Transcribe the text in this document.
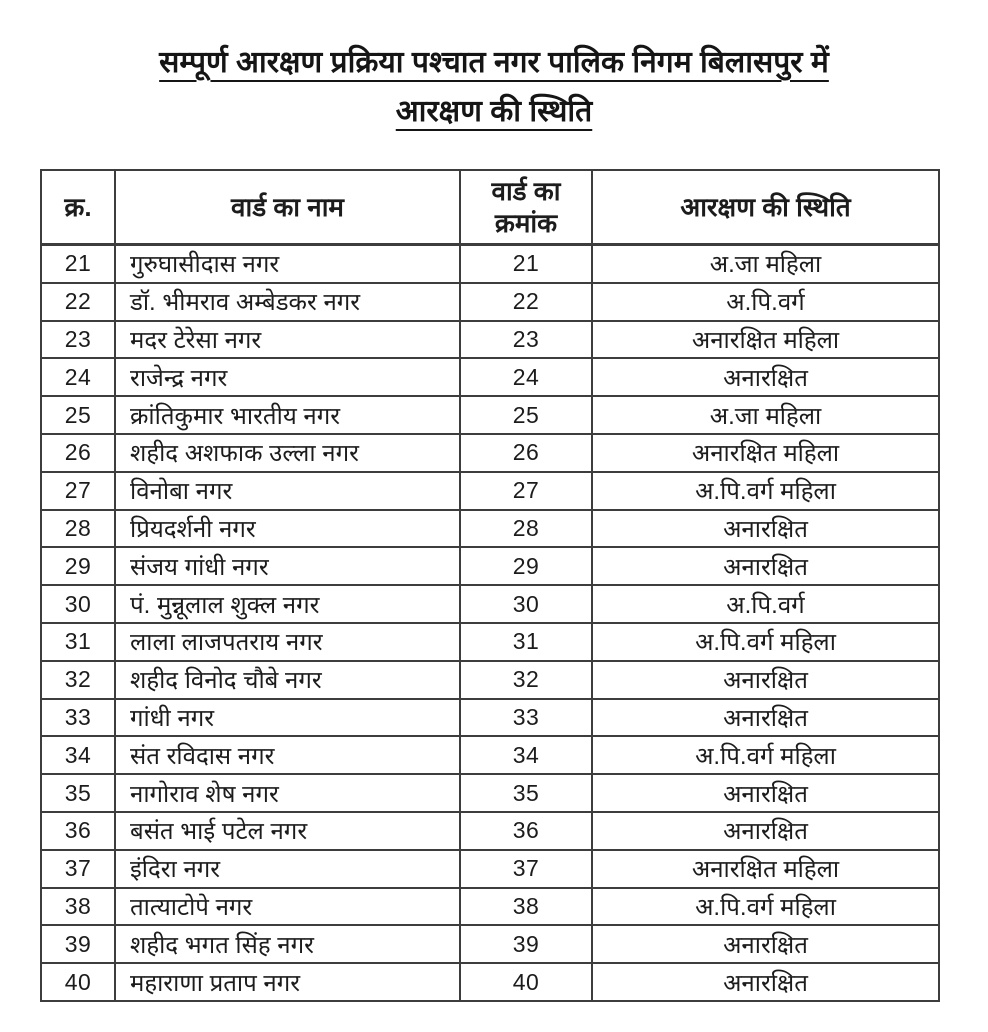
सम्पूर्ण आरक्षण प्रक्रिया पश्चात नगर पालिक निगम बिलासपुर में
आरक्षण की स्थिति
क्र.	वार्ड का नाम	वार्ड का क्रमांक	आरक्षण की स्थिति
21	गुरुघासीदास नगर	21	अ.जा महिला
22	डॉ. भीमराव अम्बेडकर नगर	22	अ.पि.वर्ग
23	मदर टेरेसा नगर	23	अनारक्षित महिला
24	राजेन्द्र नगर	24	अनारक्षित
25	क्रांतिकुमार भारतीय नगर	25	अ.जा महिला
26	शहीद अशफाक उल्ला नगर	26	अनारक्षित महिला
27	विनोबा नगर	27	अ.पि.वर्ग महिला
28	प्रियदर्शनी नगर	28	अनारक्षित
29	संजय गांधी नगर	29	अनारक्षित
30	पं. मुन्नूलाल शुक्ल नगर	30	अ.पि.वर्ग
31	लाला लाजपतराय नगर	31	अ.पि.वर्ग महिला
32	शहीद विनोद चौबे नगर	32	अनारक्षित
33	गांधी नगर	33	अनारक्षित
34	संत रविदास नगर	34	अ.पि.वर्ग महिला
35	नागोराव शेष नगर	35	अनारक्षित
36	बसंत भाई पटेल नगर	36	अनारक्षित
37	इंदिरा नगर	37	अनारक्षित महिला
38	तात्याटोपे नगर	38	अ.पि.वर्ग महिला
39	शहीद भगत सिंह नगर	39	अनारक्षित
40	महाराणा प्रताप नगर	40	अनारक्षित
